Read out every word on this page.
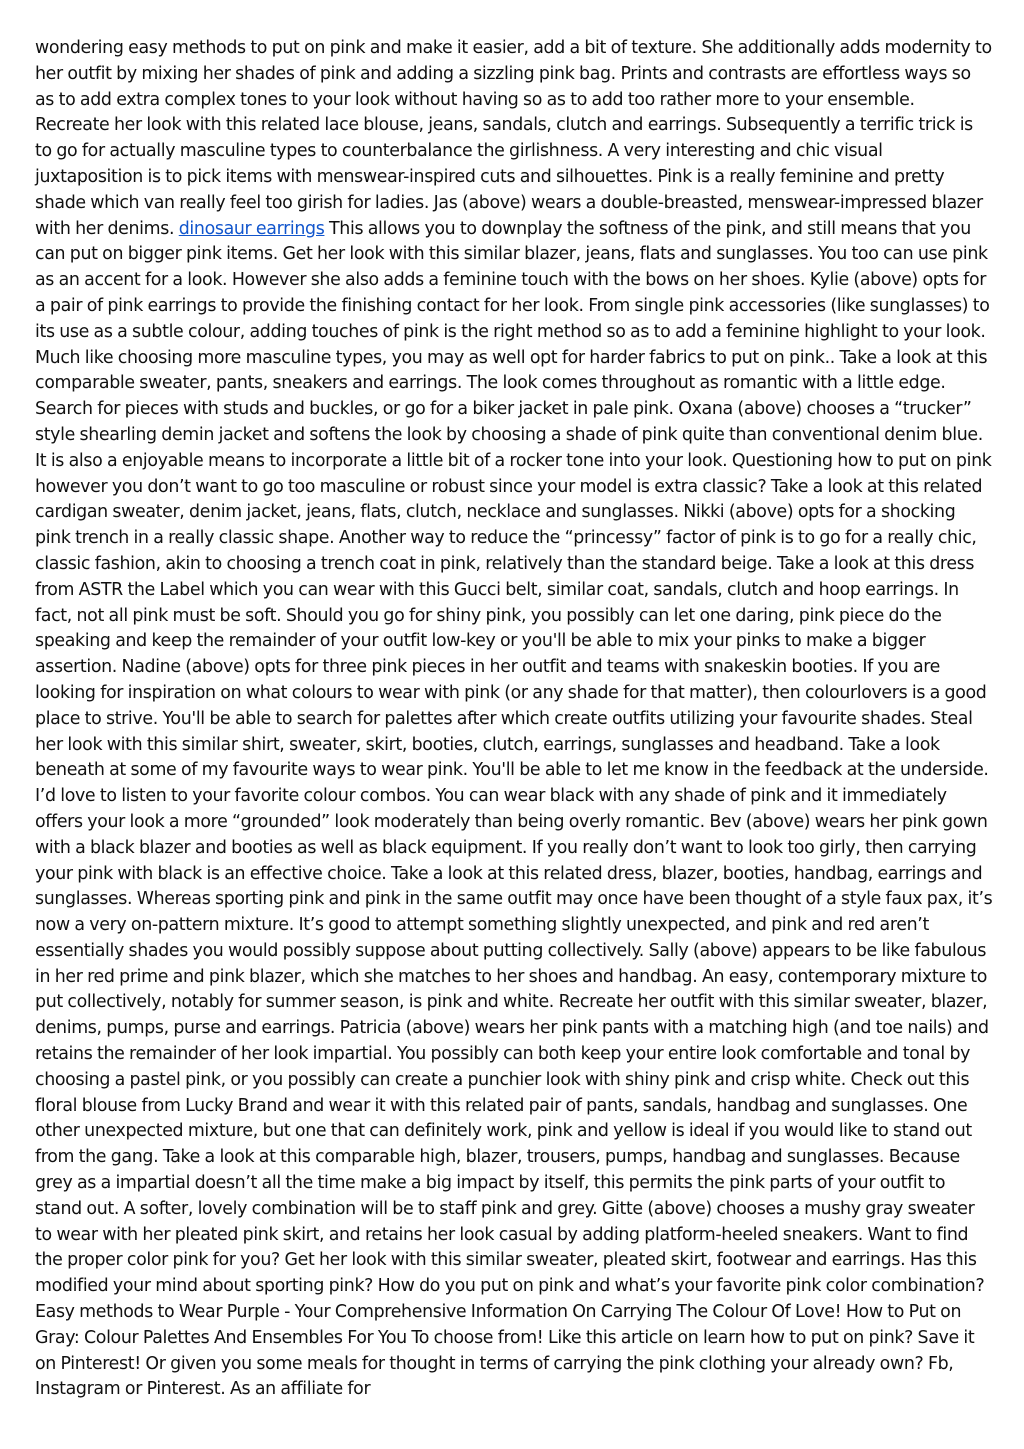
wondering easy methods to put on pink and make it easier, add a bit of texture. She additionally adds modernity to her outfit by mixing her shades of pink and adding a sizzling pink bag. Prints and contrasts are effortless ways so as to add extra complex tones to your look without having so as to add too rather more to your ensemble. Recreate her look with this related lace blouse, jeans, sandals, clutch and earrings. Subsequently a terrific trick is to go for actually masculine types to counterbalance the girlishness. A very interesting and chic visual juxtaposition is to pick items with menswear-inspired cuts and silhouettes. Pink is a really feminine and pretty shade which van really feel too girish for ladies. Jas (above) wears a double-breasted, menswear-impressed blazer with her denims. dinosaur earrings This allows you to downplay the softness of the pink, and still means that you can put on bigger pink items. Get her look with this similar blazer, jeans, flats and sunglasses. You too can use pink as an accent for a look. However she also adds a feminine touch with the bows on her shoes. Kylie (above) opts for a pair of pink earrings to provide the finishing contact for her look. From single pink accessories (like sunglasses) to its use as a subtle colour, adding touches of pink is the right method so as to add a feminine highlight to your look. Much like choosing more masculine types, you may as well opt for harder fabrics to put on pink.. Take a look at this comparable sweater, pants, sneakers and earrings. The look comes throughout as romantic with a little edge. Search for pieces with studs and buckles, or go for a biker jacket in pale pink. Oxana (above) chooses a “trucker” style shearling demin jacket and softens the look by choosing a shade of pink quite than conventional denim blue. It is also a enjoyable means to incorporate a little bit of a rocker tone into your look. Questioning how to put on pink however you don’t want to go too masculine or robust since your model is extra classic? Take a look at this related cardigan sweater, denim jacket, jeans, flats, clutch, necklace and sunglasses. Nikki (above) opts for a shocking pink trench in a really classic shape. Another way to reduce the “princessy” factor of pink is to go for a really chic, classic fashion, akin to choosing a trench coat in pink, relatively than the standard beige. Take a look at this dress from ASTR the Label which you can wear with this Gucci belt, similar coat, sandals, clutch and hoop earrings. In fact, not all pink must be soft. Should you go for shiny pink, you possibly can let one daring, pink piece do the speaking and keep the remainder of your outfit low-key or you'll be able to mix your pinks to make a bigger assertion. Nadine (above) opts for three pink pieces in her outfit and teams with snakeskin booties. If you are looking for inspiration on what colours to wear with pink (or any shade for that matter), then colourlovers is a good place to strive. You'll be able to search for palettes after which create outfits utilizing your favourite shades. Steal her look with this similar shirt, sweater, skirt, booties, clutch, earrings, sunglasses and headband. Take a look beneath at some of my favourite ways to wear pink. You'll be able to let me know in the feedback at the underside. I’d love to listen to your favorite colour combos. You can wear black with any shade of pink and it immediately offers your look a more “grounded” look moderately than being overly romantic. Bev (above) wears her pink gown with a black blazer and booties as well as black equipment. If you really don’t want to look too girly, then carrying your pink with black is an effective choice. Take a look at this related dress, blazer, booties, handbag, earrings and sunglasses. Whereas sporting pink and pink in the same outfit may once have been thought of a style faux pax, it’s now a very on-pattern mixture. It’s good to attempt something slightly unexpected, and pink and red aren’t essentially shades you would possibly suppose about putting collectively. Sally (above) appears to be like fabulous in her red prime and pink blazer, which she matches to her shoes and handbag. An easy, contemporary mixture to put collectively, notably for summer season, is pink and white. Recreate her outfit with this similar sweater, blazer, denims, pumps, purse and earrings. Patricia (above) wears her pink pants with a matching high (and toe nails) and retains the remainder of her look impartial. You possibly can both keep your entire look comfortable and tonal by choosing a pastel pink, or you possibly can create a punchier look with shiny pink and crisp white. Check out this floral blouse from Lucky Brand and wear it with this related pair of pants, sandals, handbag and sunglasses. One other unexpected mixture, but one that can definitely work, pink and yellow is ideal if you would like to stand out from the gang. Take a look at this comparable high, blazer, trousers, pumps, handbag and sunglasses. Because grey as a impartial doesn’t all the time make a big impact by itself, this permits the pink parts of your outfit to stand out. A softer, lovely combination will be to staff pink and grey. Gitte (above) chooses a mushy gray sweater to wear with her pleated pink skirt, and retains her look casual by adding platform-heeled sneakers. Want to find the proper color pink for you? Get her look with this similar sweater, pleated skirt, footwear and earrings. Has this modified your mind about sporting pink? How do you put on pink and what’s your favorite pink color combination? Easy methods to Wear Purple - Your Comprehensive Information On Carrying The Colour Of Love! How to Put on Gray: Colour Palettes And Ensembles For You To choose from! Like this article on learn how to put on pink? Save it on Pinterest! Or given you some meals for thought in terms of carrying the pink clothing your already own? Fb, Instagram or Pinterest. As an affiliate for
